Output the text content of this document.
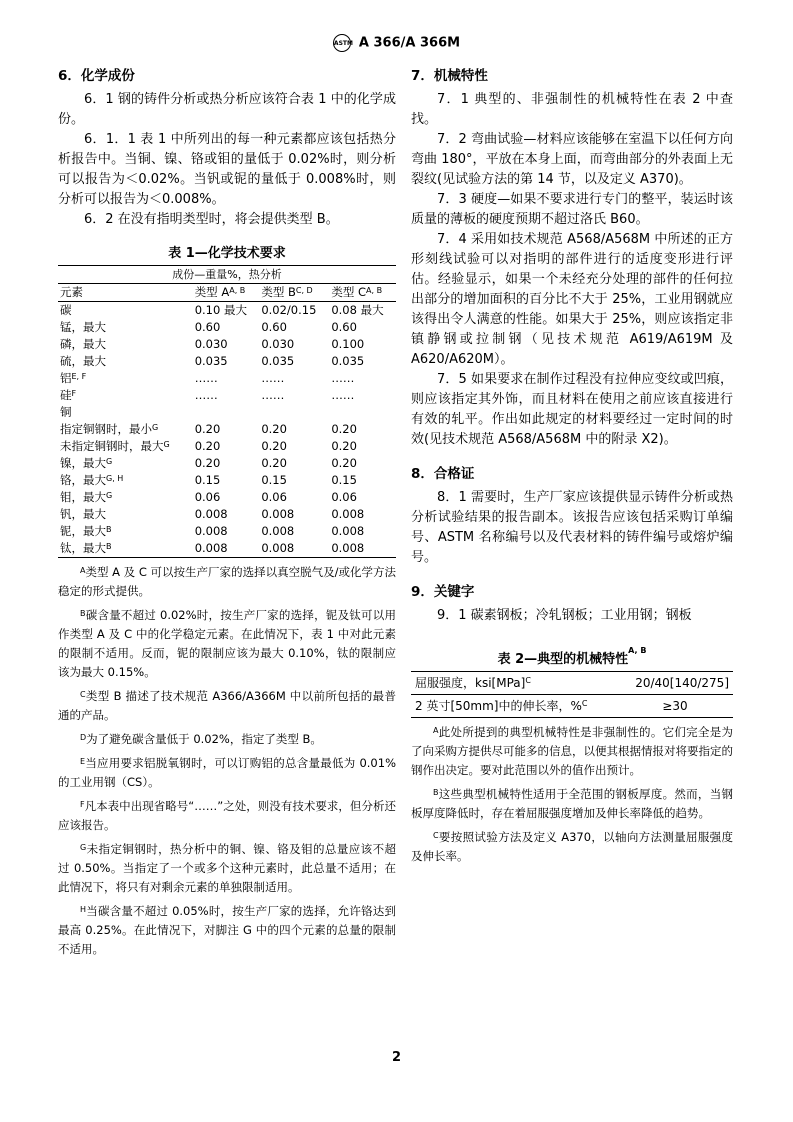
ASTM A 366/A 366M

6．化学成份

6．1 钢的铸件分析或热分析应该符合表 1 中的化学成份。

6．1．1 表 1 中所列出的每一种元素都应该包括热分析报告中。当铜、镍、铬或钼的量低于 0.02%时，则分析可以报告为＜0.02%。当钒或铌的量低于 0.008%时，则分析可以报告为＜0.008%。

6．2 在没有指明类型时，将会提供类型 B。

表 1—化学技术要求
成份—重量%，热分析			
元素	类型 $A^{A, B}$	类型 $B^{C, D}$	类型 $C^{A, B}$
碳	0.10 最大	0.02/0.15	0.08 最大
锰，最大	0.60	0.60	0.60
磷，最大	0.030	0.030	0.100
硫，最大	0.035	0.035	0.035
铝$^{E, F}$	……	……	……
硅$^F$	……	……	……
铜			
指定铜钢时，最小$^G$	0.20	0.20	0.20
未指定铜钢时，最大$^G$	0.20	0.20	0.20
镍，最大$^G$	0.20	0.20	0.20
铬，最大$^{G, H}$	0.15	0.15	0.15
钼，最大$^G$	0.06	0.06	0.06
钒，最大	0.008	0.008	0.008
铌，最大$^B$	0.008	0.008	0.008
钛，最大$^B$	0.008	0.008	0.008
$^A$类型 A 及 C 可以按生产厂家的选择以真空脱气及/或化学方法稳定的形式提供。
$^B$碳含量不超过 0.02%时，按生产厂家的选择，铌及钛可以用作类型 A 及 C 中的化学稳定元素。在此情况下，表 1 中对此元素的限制不适用。反而，铌的限制应该为最大 0.10%，钛的限制应该为最大 0.15%。
$^C$类型 B 描述了技术规范 A366/A366M 中以前所包括的最普通的产品。
$^D$为了避免碳含量低于 0.02%，指定了类型 B。
$^E$当应用要求铝脱氧钢时，可以订购铝的总含量最低为 0.01%的工业用钢（CS）。
$^F$凡本表中出现省略号“……”之处，则没有技术要求，但分析还应该报告。
$^G$未指定铜钢时，热分析中的铜、镍、铬及钼的总量应该不超过 0.50%。当指定了一个或多个这种元素时，此总量不适用；在此情况下，将只有对剩余元素的单独限制适用。
$^H$当碳含量不超过 0.05%时，按生产厂家的选择，允许铬达到最高 0.25%。在此情况下，对脚注 G 中的四个元素的总量的限制不适用。

7．机械特性

7．1 典型的、非强制性的机械特性在表 2 中查找。

7．2 弯曲试验—材料应该能够在室温下以任何方向弯曲 180°，平放在本身上面，而弯曲部分的外表面上无裂纹(见试验方法的第 14 节，以及定义 A370)。

7．3 硬度—如果不要求进行专门的整平，装运时该质量的薄板的硬度预期不超过洛氏 B60。

7．4 采用如技术规范 A568/A568M 中所述的正方形刻线试验可以对指明的部件进行的适度变形进行评估。经验显示，如果一个未经充分处理的部件的任何拉出部分的增加面积的百分比不大于 25%，工业用钢就应该得出令人满意的性能。如果大于 25%，则应该指定非镇静钢或拉制钢（见技术规范 A619/A619M 及 A620/A620M）。

7．5 如果要求在制作过程没有拉伸应变纹或凹痕，则应该指定其外饰，而且材料在使用之前应该直接进行有效的轧平。作出如此规定的材料要经过一定时间的时效(见技术规范 A568/A568M 中的附录 X2)。

8．合格证

8．1 需要时，生产厂家应该提供显示铸件分析或热分析试验结果的报告副本。该报告应该包括采购订单编号、ASTM 名称编号以及代表材料的铸件编号或熔炉编号。

9．关键字

9．1 碳素钢板；冷轧钢板；工业用钢；钢板

表 2—典型的机械特性$^{A, B}$
屈服强度，ksi[MPa]$^C$	20/40[140/275]
2 英寸[50mm]中的伸长率，%$^C$	≥30
$^A$此处所提到的典型机械特性是非强制性的。它们完全是为了向采购方提供尽可能多的信息，以便其根据情报对将要指定的钢作出决定。要对此范围以外的值作出预计。
$^B$这些典型机械特性适用于全范围的钢板厚度。然而，当钢板厚度降低时，存在着屈服强度增加及伸长率降低的趋势。
$^C$要按照试验方法及定义 A370，以轴向方法测量屈服强度及伸长率。
2
